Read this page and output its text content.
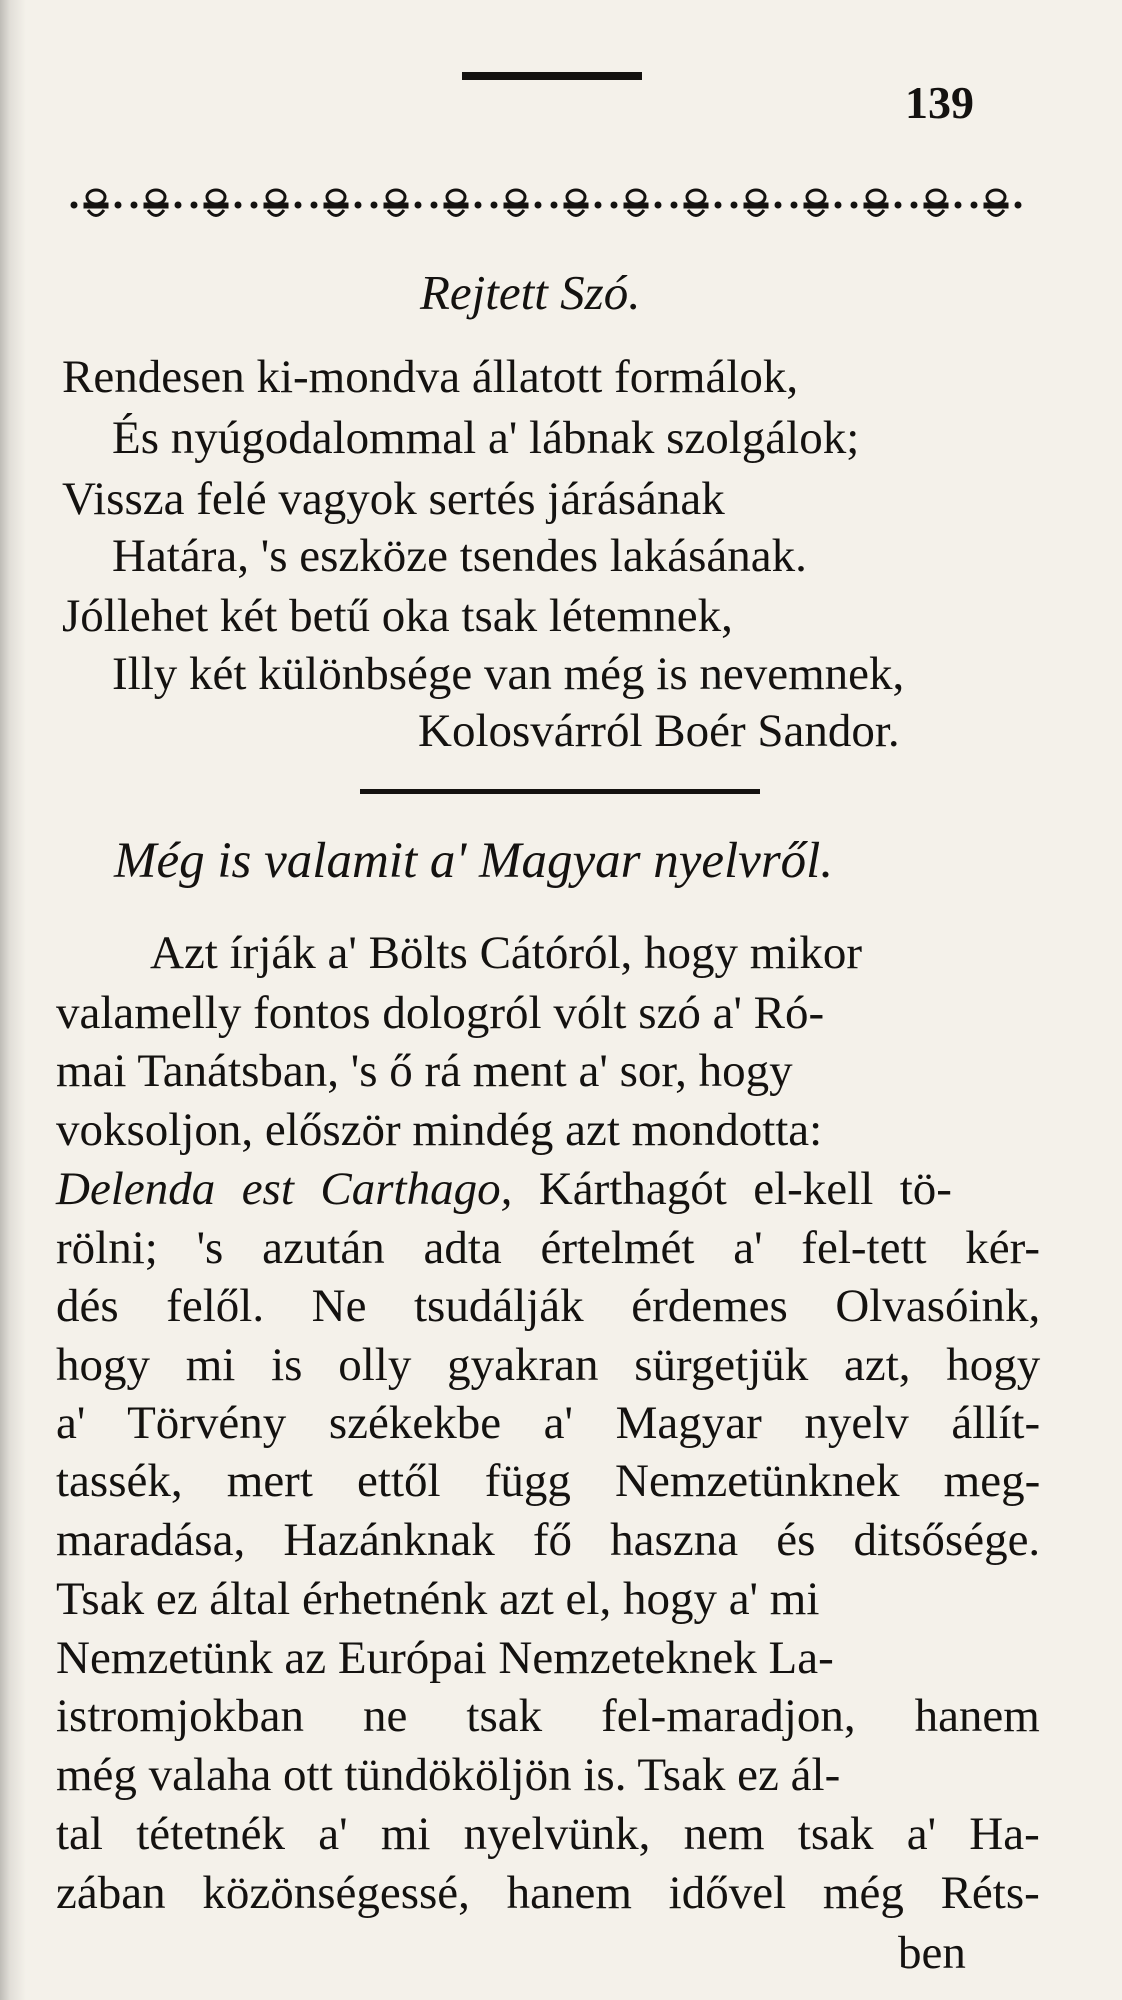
139
Rejtett Szó.
Rendesen ki-mondva állatott formálok,
És nyúgodalommal a' lábnak szolgálok;
Vissza felé vagyok sertés járásának
Határa, 's eszköze tsendes lakásának.
Jóllehet két betű oka tsak létemnek,
Illy két különbsége van még is nevemnek,
Kolosvárról Boér Sandor.
Még is valamit a' Magyar nyelvről.
Azt írják a' Bölts Cátóról, hogy mikor
valamelly fontos dologról vólt szó a' Ró-
mai Tanátsban, 's ő rá ment a' sor, hogy
voksoljon, először mindég azt mondotta:
Delenda est Carthago, Kárthagót el-kell tö-
rölni; 's azután adta értelmét a' fel-tett kér-
dés felől. Ne tsudálják érdemes Olvasóink,
hogy mi is olly gyakran sürgetjük azt, hogy
a' Törvény székekbe a' Magyar nyelv állít-
tassék, mert ettől függ Nemzetünknek meg-
maradása, Hazánknak fő haszna és ditsősége.
Tsak ez által érhetnénk azt el, hogy a' mi
Nemzetünk az Európai Nemzeteknek La-
istromjokban ne tsak fel-maradjon, hanem
még valaha ott tündököljön is. Tsak ez ál-
tal tétetnék a' mi nyelvünk, nem tsak a' Ha-
zában közönségessé, hanem idővel még Réts-
ben
